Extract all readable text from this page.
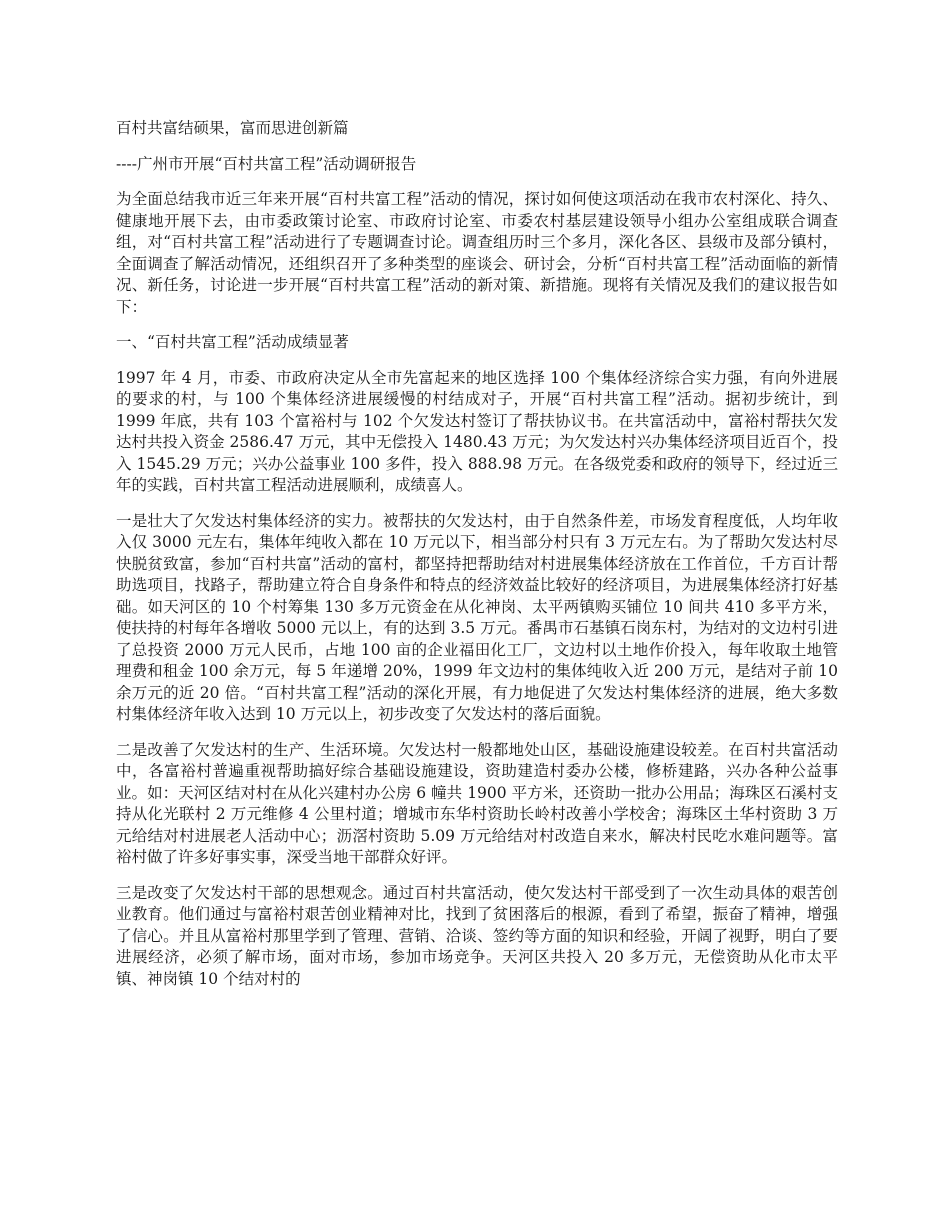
百村共富结硕果，富而思进创新篇

----广州市开展“百村共富工程”活动调研报告

为全面总结我市近三年来开展“百村共富工程”活动的情况，探讨如何使这项活动在我市农村深化、持久、健康地开展下去，由市委政策讨论室、市政府讨论室、市委农村基层建设领导小组办公室组成联合调查组，对“百村共富工程”活动进行了专题调查讨论。调查组历时三个多月，深化各区、县级市及部分镇村，全面调查了解活动情况，还组织召开了多种类型的座谈会、研讨会，分析“百村共富工程”活动面临的新情况、新任务，讨论进一步开展“百村共富工程”活动的新对策、新措施。现将有关情况及我们的建议报告如下：

一、“百村共富工程”活动成绩显著

1997 年 4 月，市委、市政府决定从全市先富起来的地区选择 100 个集体经济综合实力强，有向外进展的要求的村，与 100 个集体经济进展缓慢的村结成对子，开展“百村共富工程”活动。据初步统计，到 1999 年底，共有 103 个富裕村与 102 个欠发达村签订了帮扶协议书。在共富活动中，富裕村帮扶欠发达村共投入资金 2586.47 万元，其中无偿投入 1480.43 万元；为欠发达村兴办集体经济项目近百个，投入 1545.29 万元；兴办公益事业 100 多件，投入 888.98 万元。在各级党委和政府的领导下，经过近三年的实践，百村共富工程活动进展顺利，成绩喜人。

一是壮大了欠发达村集体经济的实力。被帮扶的欠发达村，由于自然条件差，市场发育程度低，人均年收入仅 3000 元左右，集体年纯收入都在 10 万元以下，相当部分村只有 3 万元左右。为了帮助欠发达村尽快脱贫致富，参加“百村共富”活动的富村，都坚持把帮助结对村进展集体经济放在工作首位，千方百计帮助选项目，找路子，帮助建立符合自身条件和特点的经济效益比较好的经济项目，为进展集体经济打好基础。如天河区的 10 个村筹集 130 多万元资金在从化神岗、太平两镇购买铺位 10 间共 410 多平方米，使扶持的村每年各增收 5000 元以上，有的达到 3.5 万元。番禺市石基镇石岗东村，为结对的文边村引进了总投资 2000 万元人民币，占地 100 亩的企业福田化工厂，文边村以土地作价投入，每年收取土地管理费和租金 100 余万元，每 5 年递增 20%，1999 年文边村的集体纯收入近 200 万元，是结对子前 10 余万元的近 20 倍。“百村共富工程”活动的深化开展，有力地促进了欠发达村集体经济的进展，绝大多数村集体经济年收入达到 10 万元以上，初步改变了欠发达村的落后面貌。

二是改善了欠发达村的生产、生活环境。欠发达村一般都地处山区，基础设施建设较差。在百村共富活动中，各富裕村普遍重视帮助搞好综合基础设施建设，资助建造村委办公楼，修桥建路，兴办各种公益事业。如：天河区结对村在从化兴建村办公房 6 幢共 1900 平方米，还资助一批办公用品；海珠区石溪村支持从化光联村 2 万元维修 4 公里村道；增城市东华村资助长岭村改善小学校舍；海珠区土华村资助 3 万元给结对村进展老人活动中心；沥滘村资助 5.09 万元给结对村改造自来水，解决村民吃水难问题等。富裕村做了许多好事实事，深受当地干部群众好评。

三是改变了欠发达村干部的思想观念。通过百村共富活动，使欠发达村干部受到了一次生动具体的艰苦创业教育。他们通过与富裕村艰苦创业精神对比，找到了贫困落后的根源，看到了希望，振奋了精神，增强了信心。并且从富裕村那里学到了管理、营销、洽谈、签约等方面的知识和经验，开阔了视野，明白了要进展经济，必须了解市场，面对市场，参加市场竞争。天河区共投入 20 多万元，无偿资助从化市太平镇、神岗镇 10 个结对村的
